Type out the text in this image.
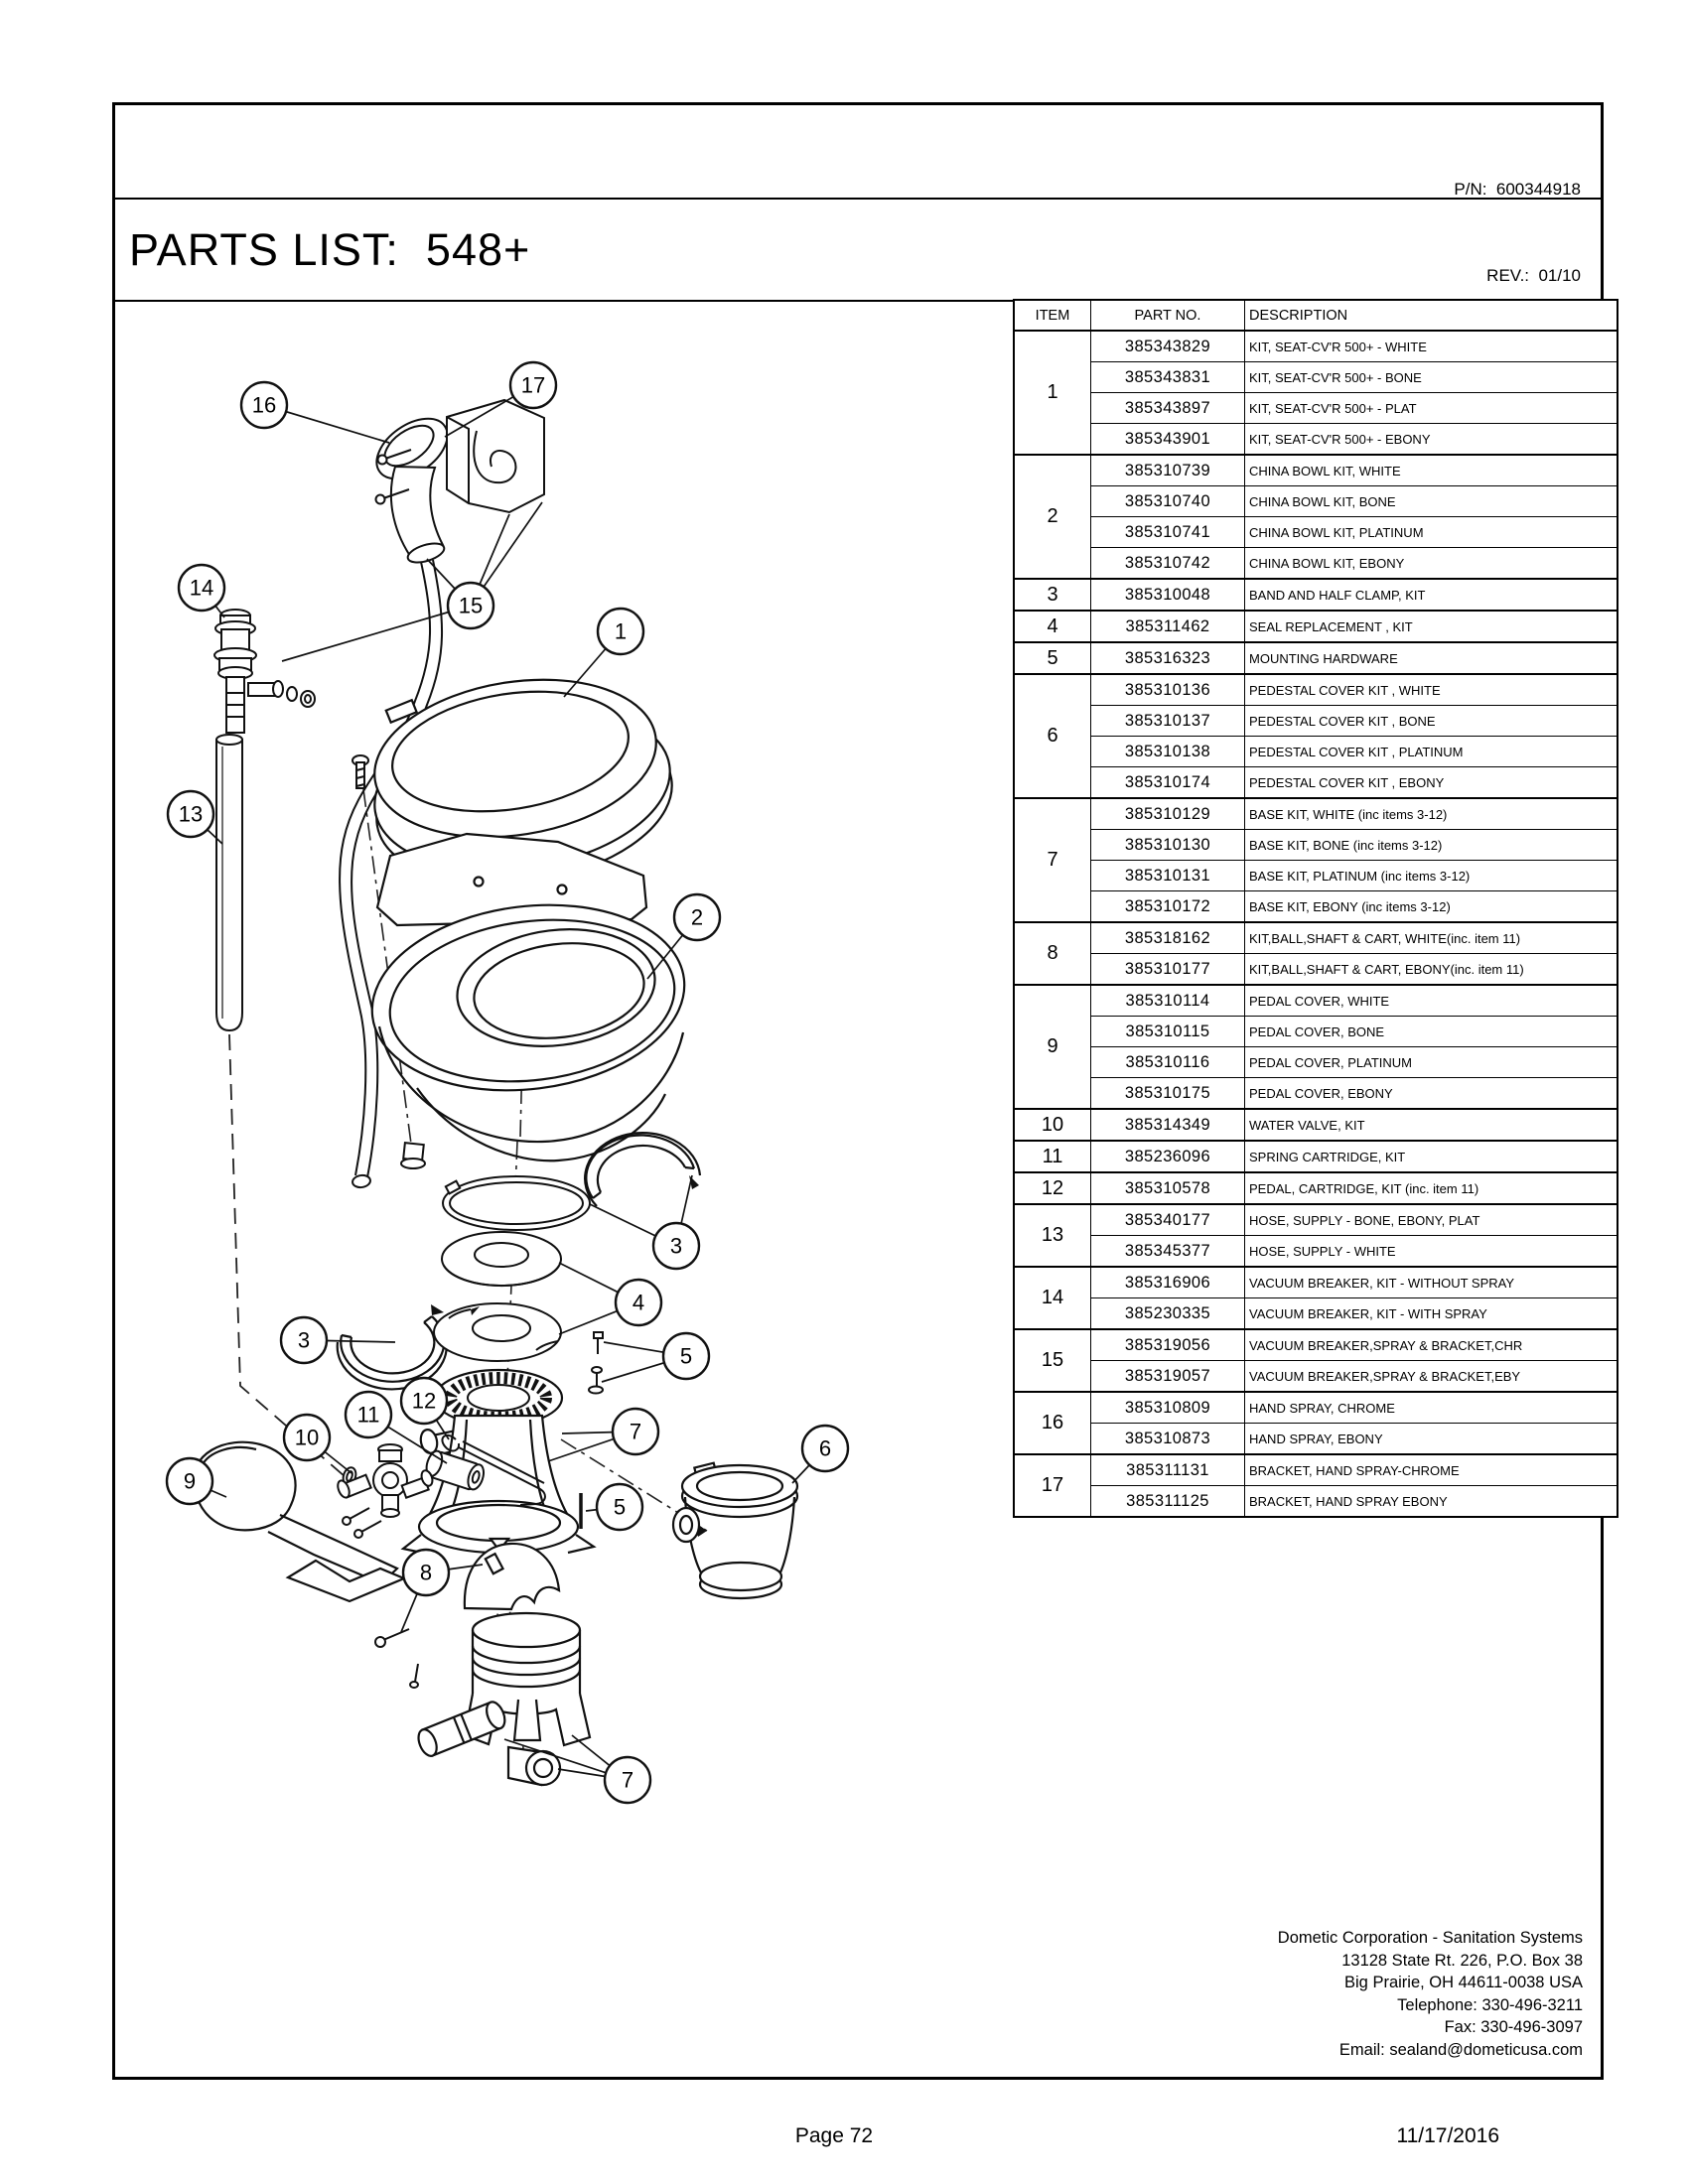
P/N:  600344918

REV.:  01/10

PARTS LIST:  548+
16
17
14
15
1
13
2
3
4
3
5
10
11
12
7
9
5
6
8
7
ITEM	PART NO.	DESCRIPTION
1	385343829	KIT, SEAT-CV'R 500+ - WHITE
	385343831	KIT, SEAT-CV'R 500+ - BONE
	385343897	KIT, SEAT-CV'R 500+ - PLAT
	385343901	KIT, SEAT-CV'R 500+ - EBONY
2	385310739	CHINA BOWL KIT, WHITE
	385310740	CHINA BOWL KIT, BONE
	385310741	CHINA BOWL KIT, PLATINUM
	385310742	CHINA BOWL KIT, EBONY
3	385310048	BAND AND HALF CLAMP, KIT
4	385311462	SEAL REPLACEMENT , KIT
5	385316323	MOUNTING HARDWARE
6	385310136	PEDESTAL COVER KIT , WHITE
	385310137	PEDESTAL COVER KIT , BONE
	385310138	PEDESTAL COVER KIT , PLATINUM
	385310174	PEDESTAL COVER KIT , EBONY
7	385310129	BASE KIT, WHITE (inc items 3-12)
	385310130	BASE KIT, BONE (inc items 3-12)
	385310131	BASE KIT, PLATINUM (inc items 3-12)
	385310172	BASE KIT, EBONY (inc items 3-12)
8	385318162	KIT,BALL,SHAFT & CART, WHITE(inc. item 11)
	385310177	KIT,BALL,SHAFT & CART, EBONY(inc. item 11)
9	385310114	PEDAL COVER, WHITE
	385310115	PEDAL COVER, BONE
	385310116	PEDAL COVER, PLATINUM
	385310175	PEDAL COVER, EBONY
10	385314349	WATER VALVE, KIT
11	385236096	SPRING CARTRIDGE, KIT
12	385310578	PEDAL, CARTRIDGE, KIT (inc. item 11)
13	385340177	HOSE, SUPPLY - BONE, EBONY, PLAT
	385345377	HOSE, SUPPLY - WHITE
14	385316906	VACUUM BREAKER, KIT - WITHOUT SPRAY
	385230335	VACUUM BREAKER, KIT - WITH SPRAY
15	385319056	VACUUM BREAKER,SPRAY & BRACKET,CHR
	385319057	VACUUM BREAKER,SPRAY & BRACKET,EBY
16	385310809	HAND SPRAY, CHROME
	385310873	HAND SPRAY, EBONY
17	385311131	BRACKET, HAND SPRAY-CHROME
	385311125	BRACKET, HAND SPRAY EBONY
Dometic Corporation - Sanitation Systems
13128 State Rt. 226, P.O. Box 38
Big Prairie, OH 44611-0038 USA
Telephone: 330-496-3211
Fax: 330-496-3097
Email: sealand@dometicusa.com
Page 72	11/17/2016
